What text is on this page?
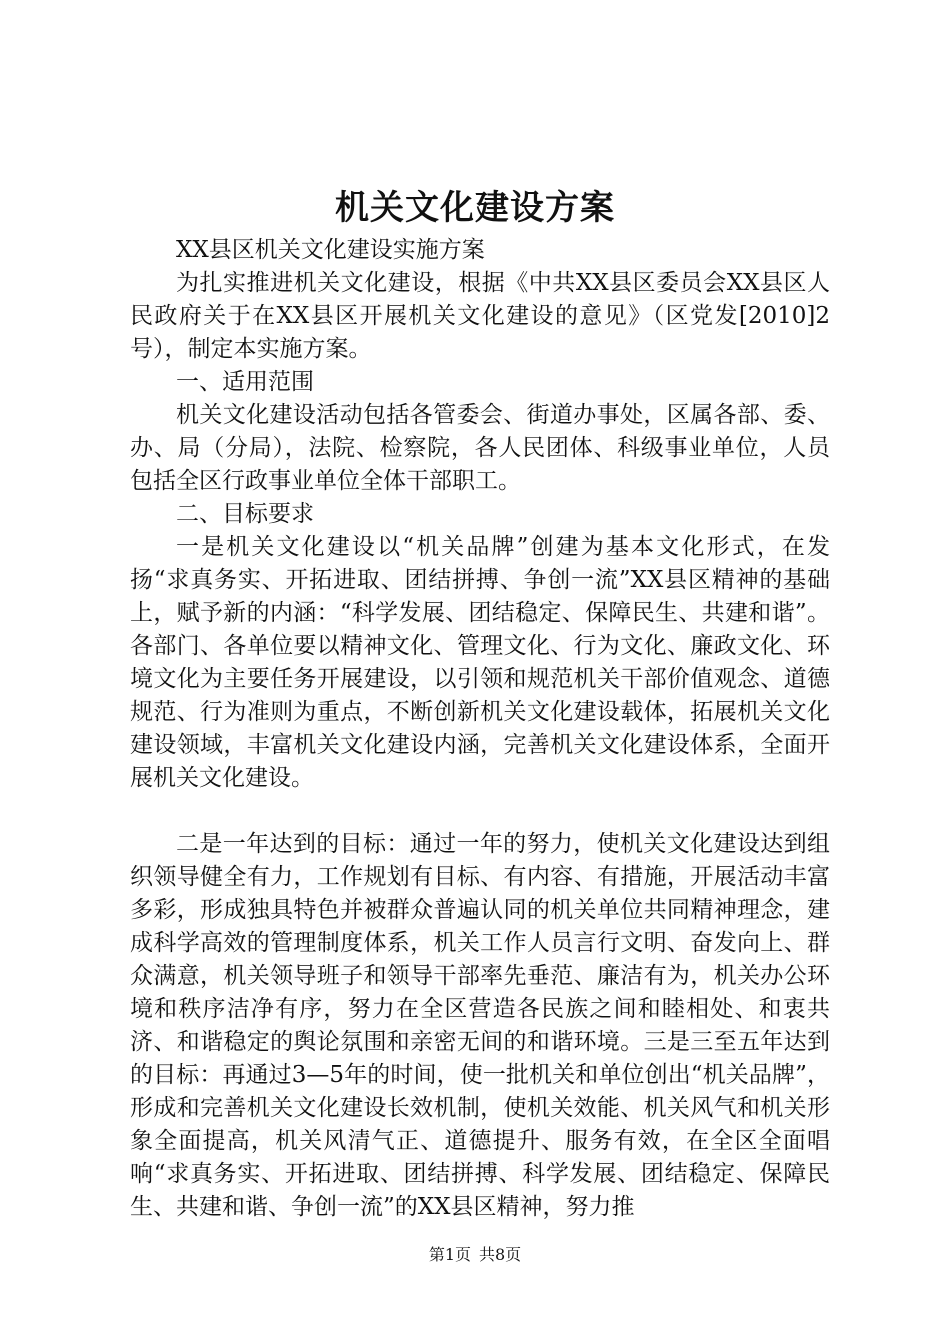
机关文化建设方案

XX县区机关文化建设实施方案

为扎实推进机关文化建设，根据《中共XX县区委员会XX县区人民政府关于在XX县区开展机关文化建设的意见》（区党发[2010]2号），制定本实施方案。

一、适用范围

机关文化建设活动包括各管委会、街道办事处，区属各部、委、办、局（分局），法院、检察院，各人民团体、科级事业单位，人员包括全区行政事业单位全体干部职工。

二、目标要求

一是机关文化建设以“机关品牌”创建为基本文化形式，在发扬“求真务实、开拓进取、团结拼搏、争创一流”XX县区精神的基础上，赋予新的内涵：“科学发展、团结稳定、保障民生、共建和谐”。各部门、各单位要以精神文化、管理文化、行为文化、廉政文化、环境文化为主要任务开展建设，以引领和规范机关干部价值观念、道德规范、行为准则为重点，不断创新机关文化建设载体，拓展机关文化建设领域，丰富机关文化建设内涵，完善机关文化建设体系，全面开展机关文化建设。

二是一年达到的目标：通过一年的努力，使机关文化建设达到组织领导健全有力，工作规划有目标、有内容、有措施，开展活动丰富多彩，形成独具特色并被群众普遍认同的机关单位共同精神理念，建成科学高效的管理制度体系，机关工作人员言行文明、奋发向上、群众满意，机关领导班子和领导干部率先垂范、廉洁有为，机关办公环境和秩序洁净有序，努力在全区营造各民族之间和睦相处、和衷共济、和谐稳定的舆论氛围和亲密无间的和谐环境。三是三至五年达到的目标：再通过3—5年的时间，使一批机关和单位创出“机关品牌”，形成和完善机关文化建设长效机制，使机关效能、机关风气和机关形象全面提高，机关风清气正、道德提升、服务有效，在全区全面唱响“求真务实、开拓进取、团结拼搏、科学发展、团结稳定、保障民生、共建和谐、争创一流”的XX县区精神，努力推

第1页 共8页
